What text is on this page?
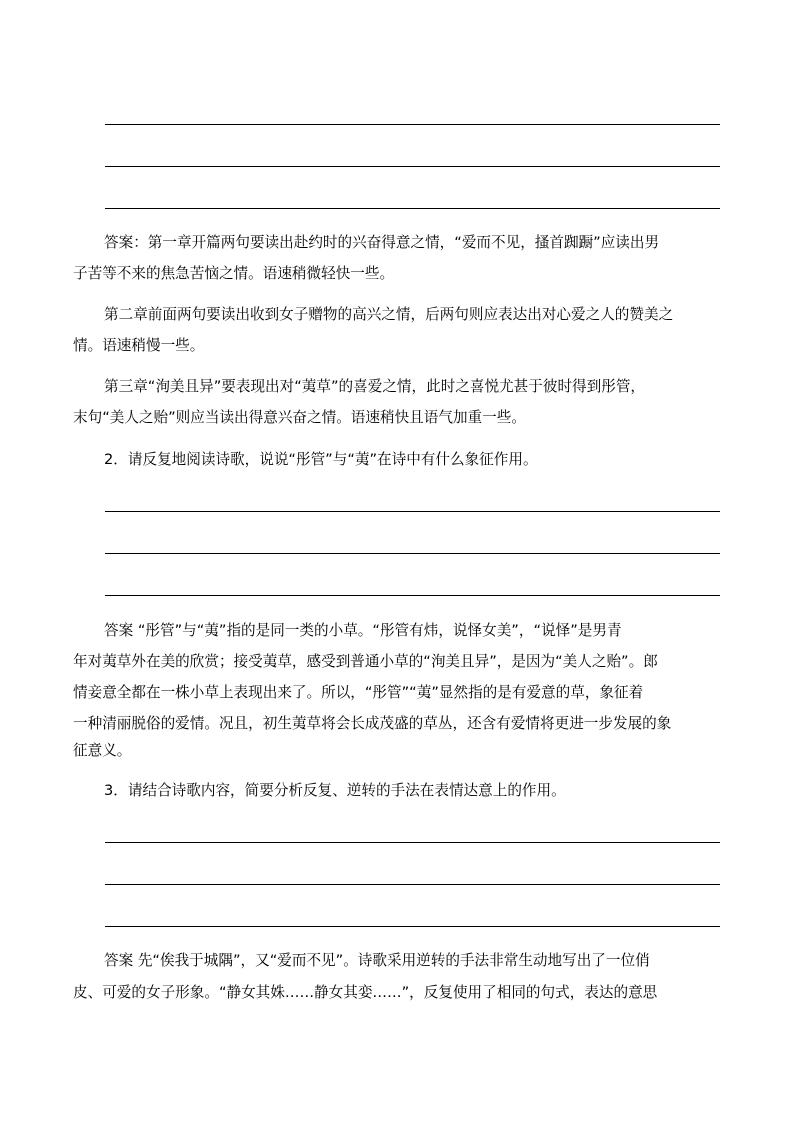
答案：第一章开篇两句要读出赴约时的兴奋得意之情，“爱而不见，搔首踟蹰”应读出男
子苦等不来的焦急苦恼之情。语速稍微轻快一些。
第二章前面两句要读出收到女子赠物的高兴之情，后两句则应表达出对心爱之人的赞美之
情。语速稍慢一些。
第三章“洵美且异”要表现出对“荑草”的喜爱之情，此时之喜悦尤甚于彼时得到彤管，
末句“美人之贻”则应当读出得意兴奋之情。语速稍快且语气加重一些。
2．请反复地阅读诗歌，说说“彤管”与“荑”在诗中有什么象征作用。
答案 “彤管”与“荑”指的是同一类的小草。“彤管有炜，说怿女美”，“说怿”是男青
年对荑草外在美的欣赏；接受荑草，感受到普通小草的“洵美且异”，是因为“美人之贻”。郎
情妾意全都在一株小草上表现出来了。所以，“彤管”“荑”显然指的是有爱意的草，象征着
一种清丽脱俗的爱情。况且，初生荑草将会长成茂盛的草丛，还含有爱情将更进一步发展的象
征意义。
3．请结合诗歌内容，简要分析反复、逆转的手法在表情达意上的作用。
答案 先“俟我于城隅”，又“爱而不见”。诗歌采用逆转的手法非常生动地写出了一位俏
皮、可爱的女子形象。“静女其姝……静女其娈……”，反复使用了相同的句式，表达的意思
